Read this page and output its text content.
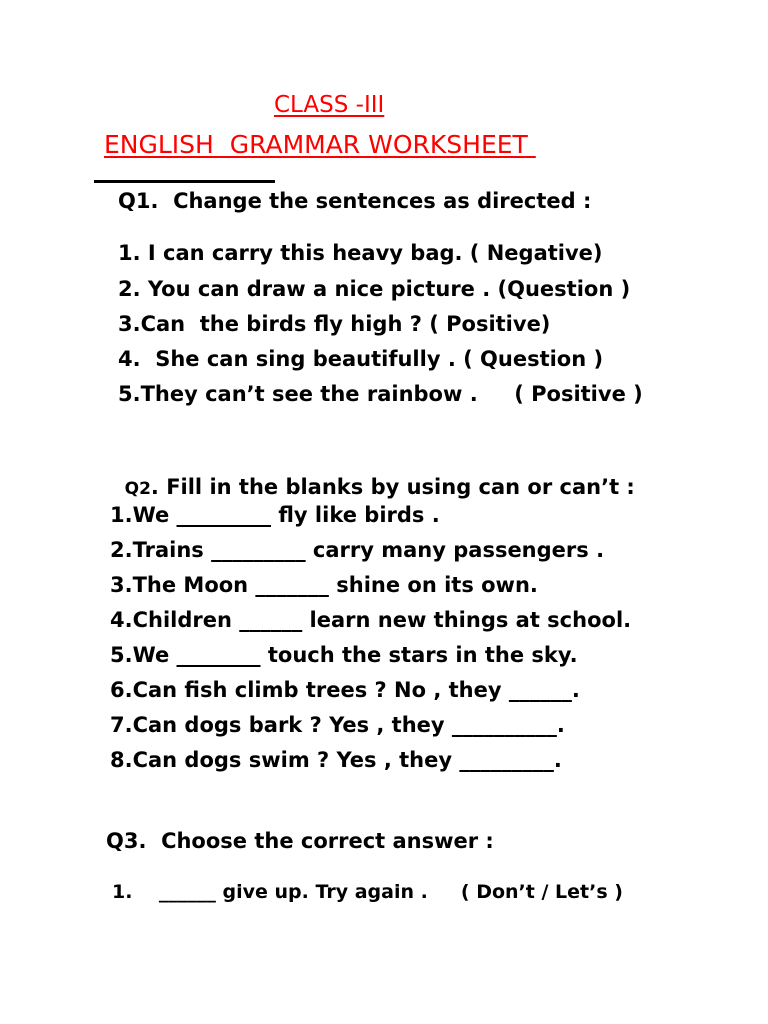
CLASS -III
ENGLISH  GRAMMAR WORKSHEET
Q1.  Change the sentences as directed :
1. I can carry this heavy bag. ( Negative)
2. You can draw a nice picture . (Question )
3.Can  the birds fly high ? ( Positive)
4.  She can sing beautifully . ( Question )
5.They can’t see the rainbow .     ( Positive )

Q2. Fill in the blanks by using can or can’t :

1.We _________ fly like birds .
2.Trains _________ carry many passengers .
3.The Moon _______ shine on its own.
4.Children ______ learn new things at school.
5.We ________ touch the stars in the sky.
6.Can fish climb trees ? No , they ______.
7.Can dogs bark ? Yes , they __________.
8.Can dogs swim ? Yes , they _________.
Q3.  Choose the correct answer :
1.    ______ give up. Try again .     ( Don’t / Let’s )
